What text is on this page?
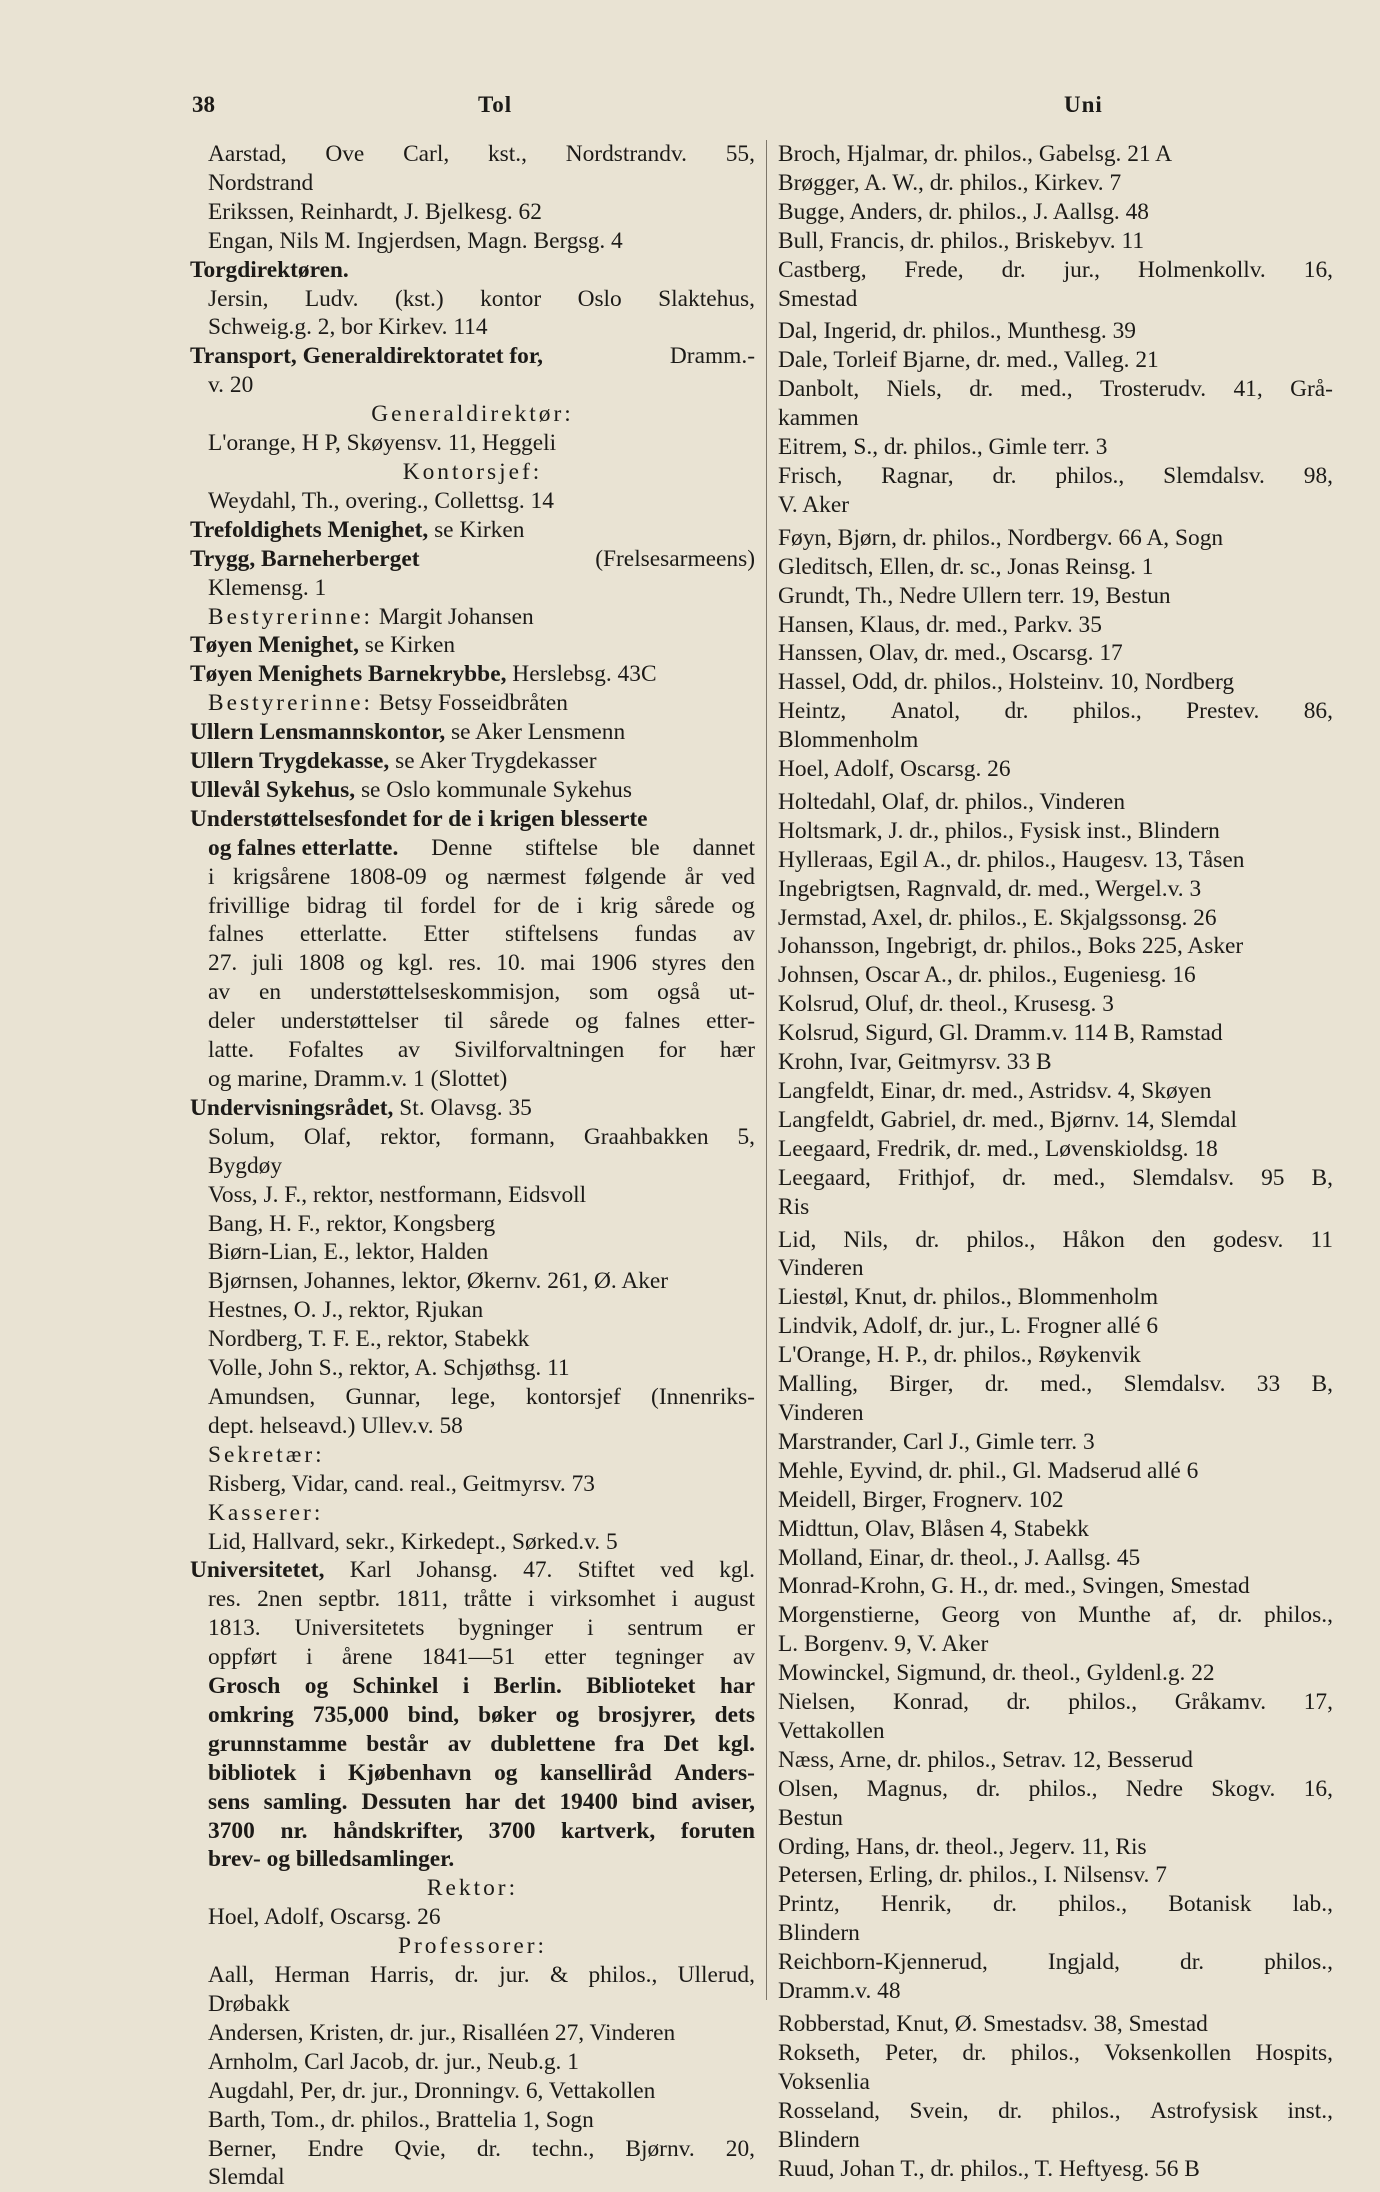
38	Tol	Uni
Aarstad, Ove Carl, kst., Nordstrandv. 55,
Nordstrand
Erikssen, Reinhardt, J. Bjelkesg. 62
Engan, Nils M. Ingjerdsen, Magn. Bergsg. 4
Torgdirektøren.
Jersin, Ludv. (kst.) kontor Oslo Slaktehus,
Schweig.g. 2, bor Kirkev. 114
Transport, Generaldirektoratet for,	Dramm.-
v. 20
Generaldirektør:
L'orange, H P, Skøyensv. 11, Heggeli
Kontorsjef:
Weydahl, Th., overing., Collettsg. 14
Trefoldighets Menighet, se Kirken
Trygg, Barneherberget	(Frelsesarmeens)
Klemensg. 1
Bestyrerinne: Margit Johansen
Tøyen Menighet, se Kirken
Tøyen Menighets Barnekrybbe, Herslebsg. 43C
Bestyrerinne: Betsy Fosseidbråten
Ullern Lensmannskontor, se Aker Lensmenn
Ullern Trygdekasse, se Aker Trygdekasser
Ullevål Sykehus, se Oslo kommunale Sykehus
Understøttelsesfondet for de i krigen blesserte
og falnes etterlatte. Denne stiftelse ble dannet
i krigsårene 1808-09 og nærmest følgende år ved
frivillige bidrag til fordel for de i krig sårede og
falnes etterlatte. Etter stiftelsens fundas av
27. juli 1808 og kgl. res. 10. mai 1906 styres den
av en understøttelseskommisjon, som også ut-
deler understøttelser til sårede og falnes etter-
latte. Fofaltes av Sivilforvaltningen for hær
og marine, Dramm.v. 1 (Slottet)
Undervisningsrådet, St. Olavsg. 35
Solum, Olaf, rektor, formann, Graahbakken 5,
Bygdøy
Voss, J. F., rektor, nestformann, Eidsvoll
Bang, H. F., rektor, Kongsberg
Biørn-Lian, E., lektor, Halden
Bjørnsen, Johannes, lektor, Økernv. 261, Ø. Aker
Hestnes, O. J., rektor, Rjukan
Nordberg, T. F. E., rektor, Stabekk
Volle, John S., rektor, A. Schjøthsg. 11
Amundsen, Gunnar, lege, kontorsjef (Innenriks-
dept. helseavd.) Ullev.v. 58
Sekretær:
Risberg, Vidar, cand. real., Geitmyrsv. 73
Kasserer:
Lid, Hallvard, sekr., Kirkedept., Sørked.v. 5
Universitetet, Karl Johansg. 47. Stiftet ved kgl.
res. 2nen septbr. 1811, tråtte i virksomhet i august
1813. Universitetets bygninger i sentrum er
oppført i årene 1841—51 etter tegninger av
Grosch og Schinkel i Berlin. Biblioteket har
omkring 735,000 bind, bøker og brosjyrer, dets
grunnstamme består av dublettene fra Det kgl.
bibliotek i Kjøbenhavn og kanselliråd Anders-
sens samling. Dessuten har det 19400 bind aviser,
3700 nr. håndskrifter, 3700 kartverk, foruten
brev- og billedsamlinger.
Rektor:
Hoel, Adolf, Oscarsg. 26
Professorer:
Aall, Herman Harris, dr. jur. & philos., Ullerud,
Drøbakk
Andersen, Kristen, dr. jur., Risalléen 27, Vinderen
Arnholm, Carl Jacob, dr. jur., Neub.g. 1
Augdahl, Per, dr. jur., Dronningv. 6, Vettakollen
Barth, Tom., dr. philos., Brattelia 1, Sogn
Berner, Endre Qvie, dr. techn., Bjørnv. 20,
Slemdal
Broch, Hjalmar, dr. philos., Gabelsg. 21 A
Brøgger, A. W., dr. philos., Kirkev. 7
Bugge, Anders, dr. philos., J. Aallsg. 48
Bull, Francis, dr. philos., Briskebyv. 11
Castberg, Frede, dr. jur., Holmenkollv. 16,
Smestad
Dal, Ingerid, dr. philos., Munthesg. 39
Dale, Torleif Bjarne, dr. med., Valleg. 21
Danbolt, Niels, dr. med., Trosterudv. 41, Grå-
kammen
Eitrem, S., dr. philos., Gimle terr. 3
Frisch, Ragnar, dr. philos., Slemdalsv. 98,
V. Aker
Føyn, Bjørn, dr. philos., Nordbergv. 66 A, Sogn
Gleditsch, Ellen, dr. sc., Jonas Reinsg. 1
Grundt, Th., Nedre Ullern terr. 19, Bestun
Hansen, Klaus, dr. med., Parkv. 35
Hanssen, Olav, dr. med., Oscarsg. 17
Hassel, Odd, dr. philos., Holsteinv. 10, Nordberg
Heintz, Anatol, dr. philos., Prestev. 86,
Blommenholm
Hoel, Adolf, Oscarsg. 26
Holtedahl, Olaf, dr. philos., Vinderen
Holtsmark, J. dr., philos., Fysisk inst., Blindern
Hylleraas, Egil A., dr. philos., Haugesv. 13, Tåsen
Ingebrigtsen, Ragnvald, dr. med., Wergel.v. 3
Jermstad, Axel, dr. philos., E. Skjalgssonsg. 26
Johansson, Ingebrigt, dr. philos., Boks 225, Asker
Johnsen, Oscar A., dr. philos., Eugeniesg. 16
Kolsrud, Oluf, dr. theol., Krusesg. 3
Kolsrud, Sigurd, Gl. Dramm.v. 114 B, Ramstad
Krohn, Ivar, Geitmyrsv. 33 B
Langfeldt, Einar, dr. med., Astridsv. 4, Skøyen
Langfeldt, Gabriel, dr. med., Bjørnv. 14, Slemdal
Leegaard, Fredrik, dr. med., Løvenskioldsg. 18
Leegaard, Frithjof, dr. med., Slemdalsv. 95 B,
Ris
Lid, Nils, dr. philos., Håkon den godesv. 11
Vinderen
Liestøl, Knut, dr. philos., Blommenholm
Lindvik, Adolf, dr. jur., L. Frogner allé 6
L'Orange, H. P., dr. philos., Røykenvik
Malling, Birger, dr. med., Slemdalsv. 33 B,
Vinderen
Marstrander, Carl J., Gimle terr. 3
Mehle, Eyvind, dr. phil., Gl. Madserud allé 6
Meidell, Birger, Frognerv. 102
Midttun, Olav, Blåsen 4, Stabekk
Molland, Einar, dr. theol., J. Aallsg. 45
Monrad-Krohn, G. H., dr. med., Svingen, Smestad
Morgenstierne, Georg von Munthe af, dr. philos.,
L. Borgenv. 9, V. Aker
Mowinckel, Sigmund, dr. theol., Gyldenl.g. 22
Nielsen, Konrad, dr. philos., Gråkamv. 17,
Vettakollen
Næss, Arne, dr. philos., Setrav. 12, Besserud
Olsen, Magnus, dr. philos., Nedre Skogv. 16,
Bestun
Ording, Hans, dr. theol., Jegerv. 11, Ris
Petersen, Erling, dr. philos., I. Nilsensv. 7
Printz, Henrik, dr. philos., Botanisk lab.,
Blindern
Reichborn-Kjennerud,	Ingjald,	dr.	philos.,
Dramm.v. 48
Robberstad, Knut, Ø. Smestadsv. 38, Smestad
Rokseth, Peter, dr. philos., Voksenkollen Hospits,
Voksenlia
Rosseland, Svein, dr. philos., Astrofysisk inst.,
Blindern
Ruud, Johan T., dr. philos., T. Heftyesg. 56 B
